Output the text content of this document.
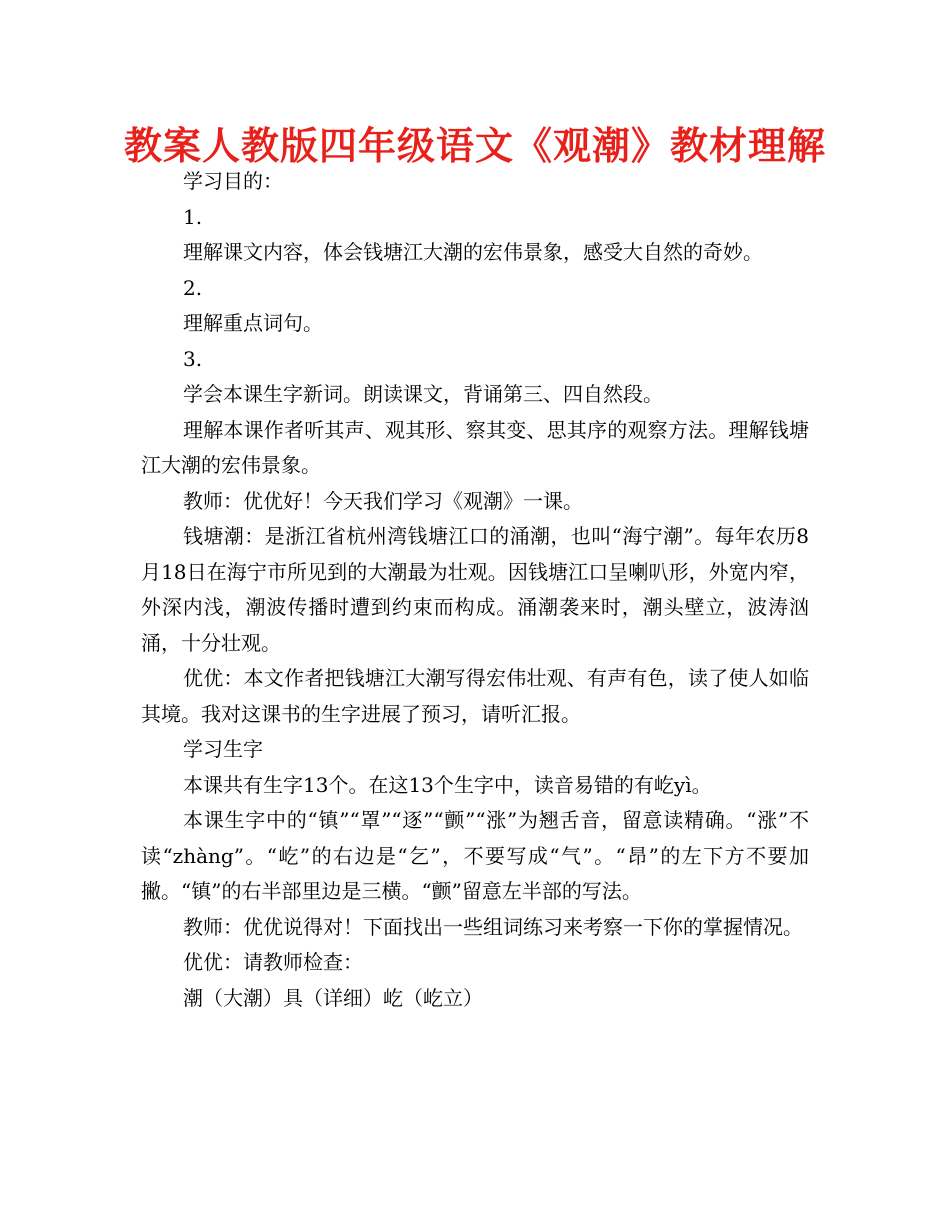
教案人教版四年级语文《观潮》教材理解

学习目的：

1.

理解课文内容，体会钱塘江大潮的宏伟景象，感受大自然的奇妙。

2.

理解重点词句。

3.

学会本课生字新词。朗读课文，背诵第三、四自然段。

理解本课作者听其声、观其形、察其变、思其序的观察方法。理解钱塘江大潮的宏伟景象。

教师：优优好！今天我们学习《观潮》一课。

钱塘潮：是浙江省杭州湾钱塘江口的涌潮，也叫“海宁潮”。每年农历8月18日在海宁市所见到的大潮最为壮观。因钱塘江口呈喇叭形，外宽内窄，外深内浅，潮波传播时遭到约束而构成。涌潮袭来时，潮头壁立，波涛汹涌，十分壮观。

优优：本文作者把钱塘江大潮写得宏伟壮观、有声有色，读了使人如临其境。我对这课书的生字进展了预习，请听汇报。

学习生字

本课共有生字13个。在这13个生字中，读音易错的有屹yì。

本课生字中的“镇”“罩”“逐”“颤”“涨”为翘舌音，留意读精确。“涨”不读“zhàng”。“屹”的右边是“乞”，不要写成“气”。“昂”的左下方不要加撇。“镇”的右半部里边是三横。“颤”留意左半部的写法。

教师：优优说得对！下面找出一些组词练习来考察一下你的掌握情况。

优优：请教师检查：

潮（大潮）具（详细）屹（屹立）
